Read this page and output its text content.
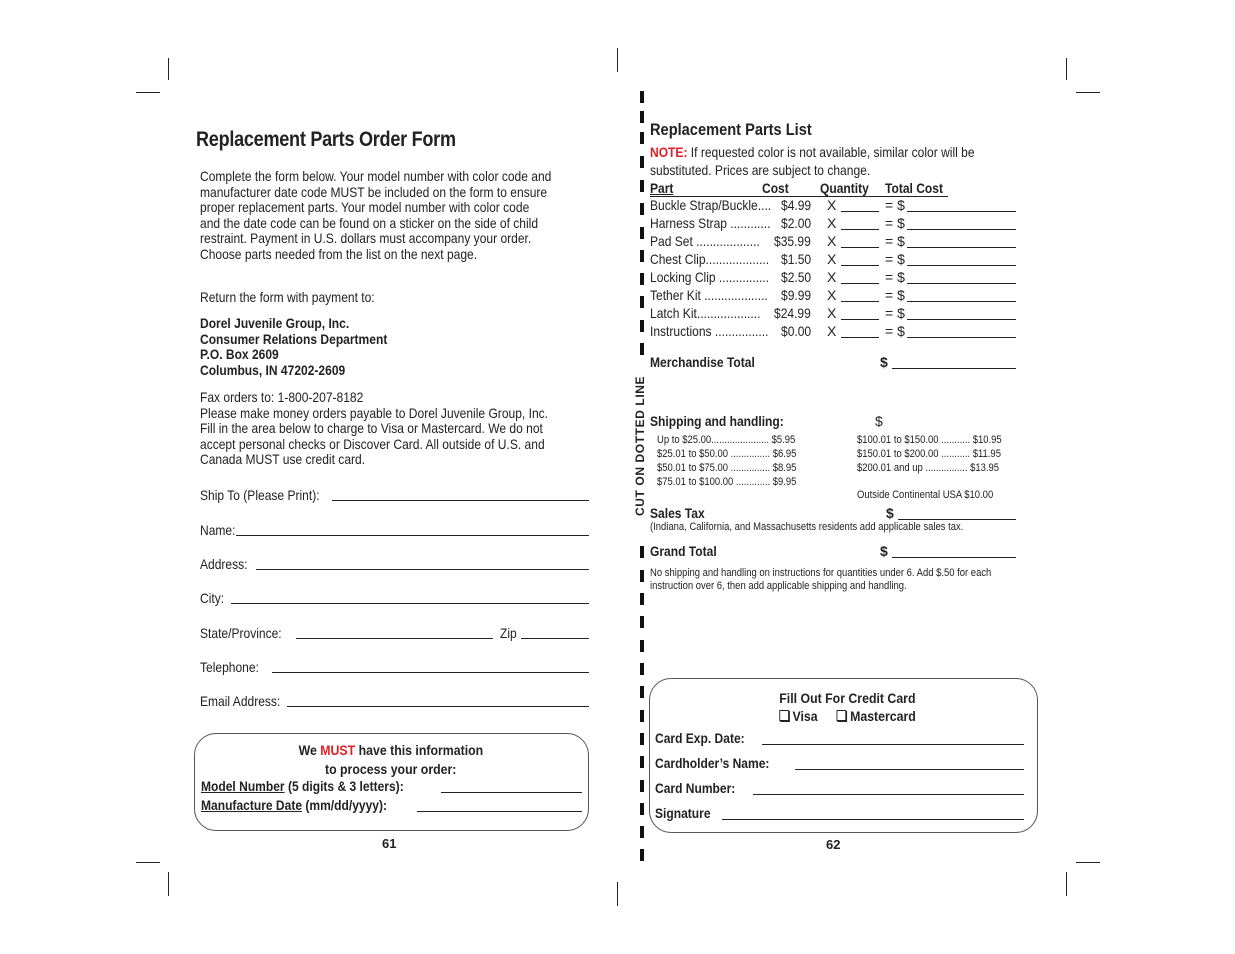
Replacement Parts Order Form
Complete the form below. Your model number with color code and
manufacturer date code MUST be included on the form to ensure
proper replacement parts. Your model number with color code
and the date code can be found on a sticker on the side of child
restraint. Payment in U.S. dollars must accompany your order.
Choose parts needed from the list on the next page.
Return the form with payment to:
Dorel Juvenile Group, Inc.
Consumer Relations Department
P.O. Box 2609
Columbus, IN 47202-2609
Fax orders to: 1-800-207-8182
Please make money orders payable to Dorel Juvenile Group, Inc.
Fill in the area below to charge to Visa or Mastercard. We do not
accept personal checks or Discover Card. All outside of U.S. and
Canada MUST use credit card.
Ship To (Please Print):
Name:
Address:
City:
State/Province:	Zip
Telephone:
Email Address:
We MUST have this information
to process your order:
Model Number (5 digits & 3 letters):
Manufacture Date (mm/dd/yyyy):
61
CUT ON DOTTED LINE
Replacement Parts List
NOTE: If requested color is not available, similar color will be
substituted. Prices are subject to change.
Part	Cost Quantity Total Cost
Buckle Strap/Buckle.... $4.99 X	= $
Harness Strap ............ $2.00 X	= $
Pad Set ................... $35.99 X	= $
Chest Clip................... $1.50 X	= $
Locking Clip ............... $2.50 X	= $
Tether Kit ................... $9.99 X	= $
Latch Kit................... $24.99 X	= $
Instructions ................ $0.00 X	= $
Merchandise Total	$
Shipping and handling:	$
Up to $25.00...................... $5.95
$25.01 to $50.00 ............... $6.95
$50.01 to $75.00 ............... $8.95
$75.01 to $100.00 ............. $9.95
$100.01 to $150.00 ........... $10.95
$150.01 to $200.00 ........... $11.95
$200.01 and up ................ $13.95
Outside Continental USA $10.00
Sales Tax	$
(Indiana, California, and Massachusetts residents add applicable sales tax.
Grand Total	$
No shipping and handling on instructions for quantities under 6. Add $.50 for each
instruction over 6, then add applicable shipping and handling.
Fill Out For Credit Card
Visa Mastercard
Card Exp. Date:
Cardholder’s Name:
Card Number:
Signature
62
